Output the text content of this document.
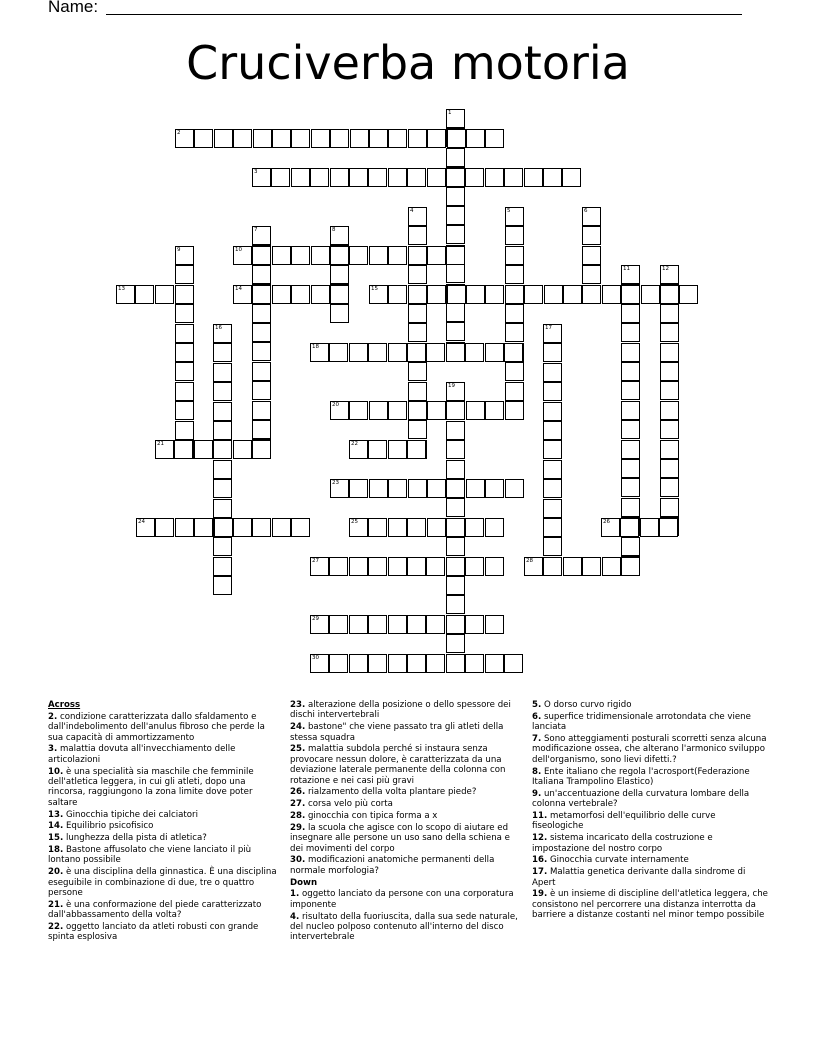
Name:
Cruciverba motoria
1
2
3
4	5	6
7	8
9	10
11	12
13	14	15
16	17
18
19
20
21	22
23
24	25	26
27	28
29
30

Across

2. condizione caratterizzata dallo sfaldamento e dall'indebolimento dell'anulus fibroso che perde la sua capacità di ammortizzamento

3. malattia dovuta all'invecchiamento delle articolazioni

10. è una specialità sia maschile che femminile dell'atletica leggera, in cui gli atleti, dopo una rincorsa, raggiungono la zona limite dove poter saltare

13. Ginocchia tipiche dei calciatori

14. Equilibrio psicofisico

15. lunghezza della pista di atletica?

18. Bastone affusolato che viene lanciato il più lontano possibile

20. è una disciplina della ginnastica. È una disciplina eseguibile in combinazione di due, tre o quattro persone

21. è una conformazione del piede caratterizzato dall'abbassamento della volta?

22. oggetto lanciato da atleti robusti con grande spinta esplosiva

23. alterazione della posizione o dello spessore dei dischi intervertebrali

24. bastone" che viene passato tra gli atleti della stessa squadra

25. malattia subdola perché si instaura senza provocare nessun dolore, è caratterizzata da una deviazione laterale permanente della colonna con rotazione e nei casi più gravi

26. rialzamento della volta plantare piede?

27. corsa velo più corta

28. ginocchia con tipica forma a x

29. la scuola che agisce con lo scopo di aiutare ed insegnare alle persone un uso sano della schiena e dei movimenti del corpo

30. modificazioni anatomiche permanenti della normale morfologia?

Down

1. oggetto lanciato da persone con una corporatura imponente

4. risultato della fuoriuscita, dalla sua sede naturale, del nucleo polposo contenuto all'interno del disco intervertebrale

5. O dorso curvo rigido

6. superfice tridimensionale arrotondata che viene lanciata

7. Sono atteggiamenti posturali scorretti senza alcuna modificazione ossea, che alterano l'armonico sviluppo dell'organismo, sono lievi difetti.?

8. Ente italiano che regola l'acrosport(Federazione Italiana Trampolino Elastico)

9. un'accentuazione della curvatura lombare della colonna vertebrale?

11. metamorfosi dell'equilibrio delle curve fiseologiche

12. sistema incaricato della costruzione e impostazione del nostro corpo

16. Ginocchia curvate internamente

17. Malattia genetica derivante dalla sindrome di Apert

19. è un insieme di discipline dell'atletica leggera, che consistono nel percorrere una distanza interrotta da barriere a distanze costanti nel minor tempo possibile
